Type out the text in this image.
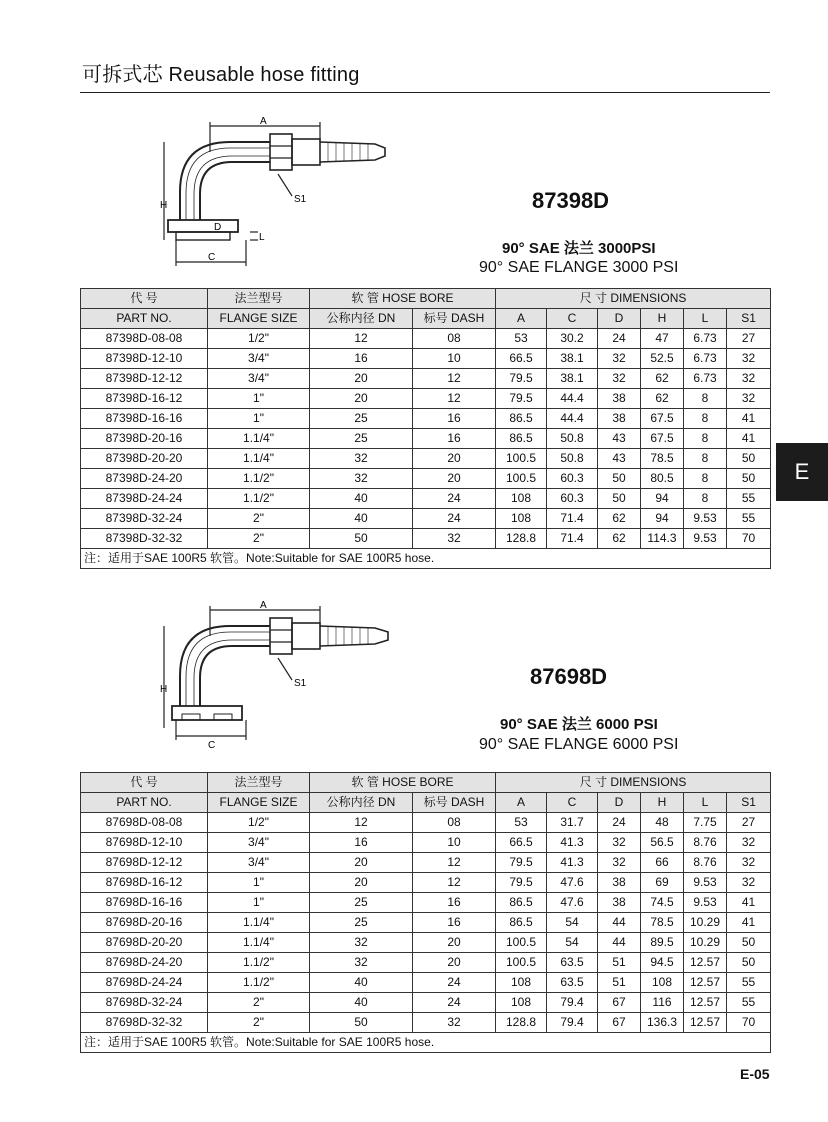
可拆式芯 Reusable hose fitting
E
A
H
C
D
L
S1	87398D
90° SAE 法兰 3000PSI
90° SAE FLANGE 3000 PSI
代 号	法兰型号	软 管 HOSE BORE		尺 寸 DIMENSIONS					
PART NO.	FLANGE SIZE	公称内径 DN	标号 DASH	A	C	D	H	L	S1
87398D-08-08	1/2"	12	08	53	30.2	24	47	6.73	27
87398D-12-10	3/4"	16	10	66.5	38.1	32	52.5	6.73	32
87398D-12-12	3/4"	20	12	79.5	38.1	32	62	6.73	32
87398D-16-12	1"	20	12	79.5	44.4	38	62	8	32
87398D-16-16	1"	25	16	86.5	44.4	38	67.5	8	41
87398D-20-16	1.1/4"	25	16	86.5	50.8	43	67.5	8	41
87398D-20-20	1.1/4"	32	20	100.5	50.8	43	78.5	8	50
87398D-24-20	1.1/2"	32	20	100.5	60.3	50	80.5	8	50
87398D-24-24	1.1/2"	40	24	108	60.3	50	94	8	55
87398D-32-24	2"	40	24	108	71.4	62	94	9.53	55
87398D-32-32	2"	50	32	128.8	71.4	62	114.3	9.53	70
注：适用于SAE 100R5 软管。Note:Suitable for SAE 100R5 hose.									
A
H
C
S1	87698D
90° SAE 法兰 6000 PSI
90° SAE FLANGE 6000 PSI
代 号	法兰型号	软 管 HOSE BORE		尺 寸 DIMENSIONS					
PART NO.	FLANGE SIZE	公称内径 DN	标号 DASH	A	C	D	H	L	S1
87698D-08-08	1/2"	12	08	53	31.7	24	48	7.75	27
87698D-12-10	3/4"	16	10	66.5	41.3	32	56.5	8.76	32
87698D-12-12	3/4"	20	12	79.5	41.3	32	66	8.76	32
87698D-16-12	1"	20	12	79.5	47.6	38	69	9.53	32
87698D-16-16	1"	25	16	86.5	47.6	38	74.5	9.53	41
87698D-20-16	1.1/4"	25	16	86.5	54	44	78.5	10.29	41
87698D-20-20	1.1/4"	32	20	100.5	54	44	89.5	10.29	50
87698D-24-20	1.1/2"	32	20	100.5	63.5	51	94.5	12.57	50
87698D-24-24	1.1/2"	40	24	108	63.5	51	108	12.57	55
87698D-32-24	2"	40	24	108	79.4	67	116	12.57	55
87698D-32-32	2"	50	32	128.8	79.4	67	136.3	12.57	70
注：适用于SAE 100R5 软管。Note:Suitable for SAE 100R5 hose.									
E-05
